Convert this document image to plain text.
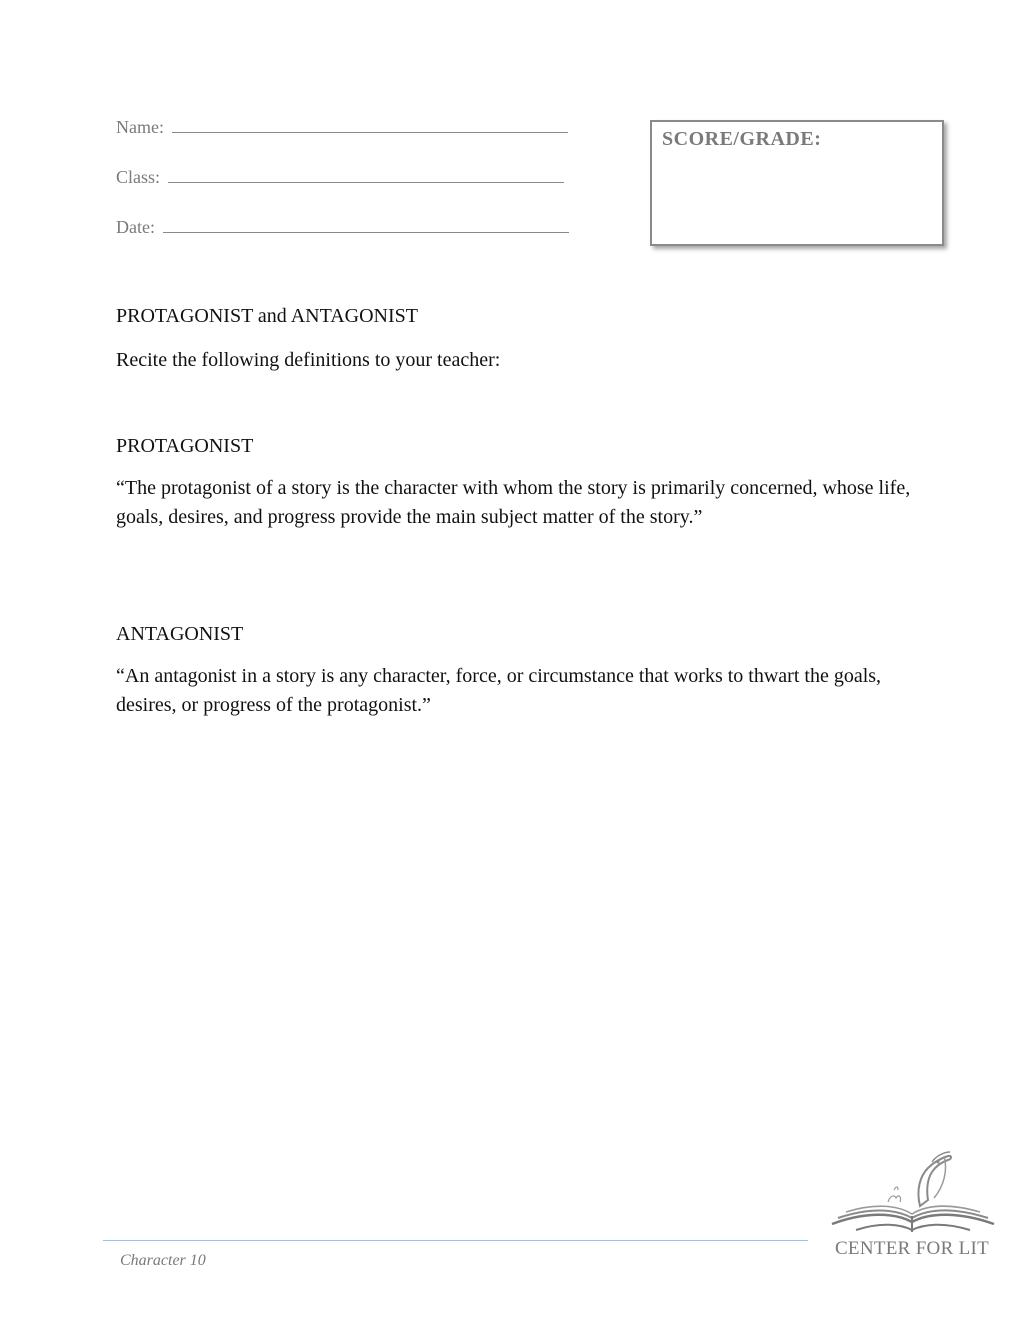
Name:
Class:
Date:
SCORE/GRADE:
PROTAGONIST and ANTAGONIST
Recite the following definitions to your teacher:
PROTAGONIST
“The protagonist of a story is the character with whom the story is primarily concerned, whose life, goals, desires, and progress provide the main subject matter of the story.”
ANTAGONIST
“An antagonist in a story is any character, force, or circumstance that works to thwart the goals, desires, or progress of the protagonist.”
Character 10
CENTER FOR LIT
